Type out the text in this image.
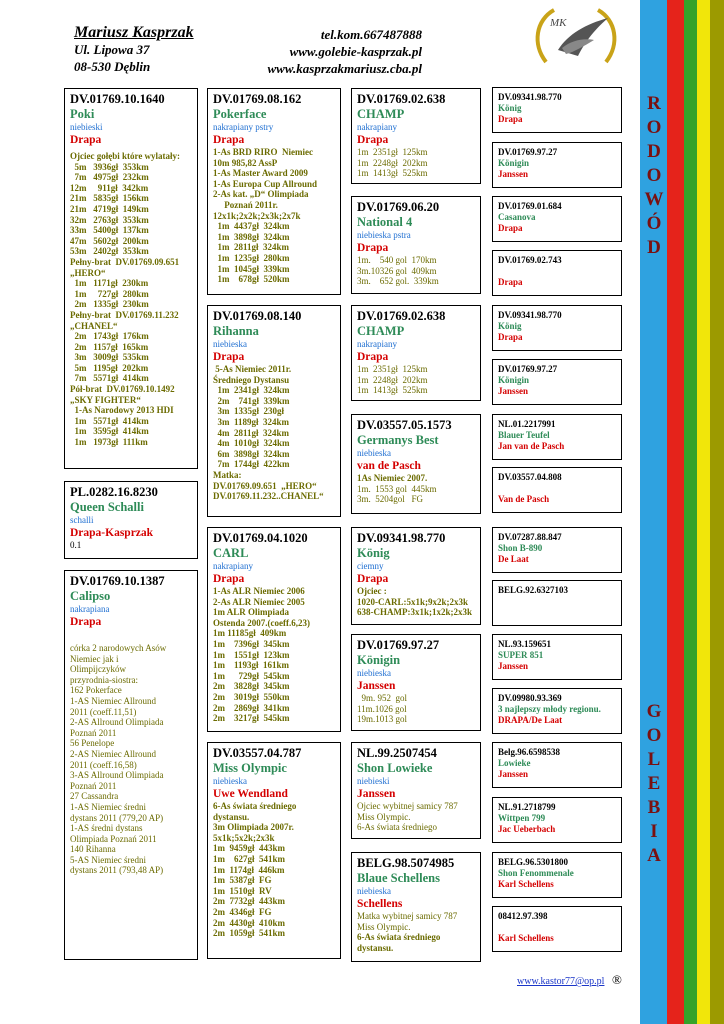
Mariusz Kasprzak
Ul. Lipowa 37
08-530 Dęblin
tel.kom.667487888
www.golebie-kasprzak.pl
www.kasprzakmariusz.cba.pl
MK
DV.01769.10.1640
Poki
niebieski
Drapa
Ojciec gołębi które wylatały:
5m   3936gł  353km
7m   4975gł  232km
12m     911gł  342km
21m   5835gł  156km
21m   4719gł  149km
32m   2763gł  353km
33m   5400gł  137km
47m   5602gł  200km
53m   2402gł  353km
Pełny-brat  DV.01769.09.651
„HERO“
1m   1171gł  230km
1m     727gł  280km
2m   1335gł  230km
Pełny-brat  DV.01769.11.232
„CHANEL“
2m   1743gł  176km
2m   1157gł  165km
3m   3009gł  535km
5m   1195gł  202km
7m   5571gł  414km
Pół-brat  DV.01769.10.1492
„SKY FIGHTER“
1-As Narodowy 2013 HDI
1m   5571gł  414km
1m   3595gł  414km
1m   1973gł  111km
PL.0282.16.8230
Queen Schalli
schalli
Drapa-Kasprzak
0.1
DV.01769.10.1387
Calipso
nakrapiana
Drapa
córka 2 narodowych Asów
Niemiec jak i
Olimpijczyków
przyrodnia-siostra:
162 Pokerface
1-AS Niemiec Allround
2011 (coeff.11,51)
2-AS Allround Olimpiada
Poznań 2011
56 Penelope
2-AS Niemiec Allround
2011 (coeff.16,58)
3-AS Allround Olimpiada
Poznań 2011
27 Cassandra
1-AS Niemiec średni
dystans 2011 (779,20 AP)
1-AS średni dystans
Olimpiada Poznań 2011
140 Rihanna
5-AS Niemiec średni
dystans 2011 (793,48 AP)
DV.01769.08.162
Pokerface
nakrapiany pstry
Drapa
1-As BRD RIRO  Niemiec
10m 985,82 AssP
1-As Master Award 2009
1-As Europa Cup Allround
2-As kat. „D“ Olimpiada
Poznań 2011r.
12x1k;2x2k;2x3k;2x7k
1m  4437gł  324km
1m  3898gł  324km
1m  2811gł  324km
1m  1235gł  280km
1m  1045gł  339km
1m    678gł  520km
DV.01769.08.140
Rihanna
niebieska
Drapa
5-As Niemiec 2011r.
Średniego Dystansu
1m  2341gł  324km
2m    741gł  339km
3m  1335gł  230gł
3m  1189gł  324km
4m  2811gł  324km
4m  1010gł  324km
6m  3898gł  324km
7m  1744gł  422km
Matka:
DV.01769.09.651  „HERO“
DV.01769.11.232..CHANEL“
DV.01769.04.1020
CARL
nakrapiany
Drapa
1-As ALR Niemiec 2006
2-As ALR Niemiec 2005
1m ALR Olimpiada
Ostenda 2007.(coeff.6,23)
1m 11185gł  409km
1m    7396gł  345km
1m    1551gł  123km
1m    1193gł  161km
1m      729gł  545km
2m    3828gł  345km
2m    3019gł  550km
2m    2869gł  341km
2m    3217gł  545km
DV.03557.04.787
Miss Olympic
niebieska
Uwe Wendland
6-As świata średniego
dystansu.
3m Olimpiada 2007r.
5x1k;5x2k;2x3k
1m  9459gł  443km
1m    627gł  541km
1m  1174gł  446km
1m  5387gł  FG
1m  1510gł  RV
2m  7732gł  443km
2m  4346gł  FG
2m  4430gł  410km
2m  1059gł  541km
DV.01769.02.638
CHAMP
nakrapiany
Drapa
1m  2351gł  125km
1m  2248gł  202km
1m  1413gł  525km
DV.01769.06.20
National 4
niebieska pstra
Drapa
1m.    540 gol  170km
3m.10326 gol  409km
3m.    652 gol.  339km
DV.01769.02.638
CHAMP
nakrapiany
Drapa
1m  2351gł  125km
1m  2248gł  202km
1m  1413gł  525km
DV.03557.05.1573
Germanys Best
niebieska
van de Pasch
1As Niemiec 2007.
1m.  1553 gol  445km
3m.  5204gol   FG
DV.09341.98.770
König
ciemny
Drapa
Ojciec :
1020-CARL:5x1k;9x2k;2x3k
638-CHAMP:3x1k;1x2k;2x3k
DV.01769.97.27
Königin
niebieska
Janssen
9m. 952  gol
11m.1026 gol
19m.1013 gol
NL.99.2507454
Shon Lowieke
niebieski
Janssen
Ojciec wybitnej samicy 787
Miss Olympic.
6-As świata średniego
BELG.98.5074985
Blaue Schellens
niebieska
Schellens
Matka wybitnej samicy 787
Miss Olympic.
6-As świata średniego
dystansu.
DV.09341.98.770
König
Drapa
DV.01769.97.27
Königin
Janssen
DV.01769.01.684
Casanova
Drapa
DV.01769.02.743

Drapa
DV.09341.98.770
König
Drapa
DV.01769.97.27
Königin
Janssen
NL.01.2217991
Blauer Teufel
Jan van de Pasch
DV.03557.04.808

Van de Pasch
DV.07287.88.847
Shon B-890
De Laat
BELG.92.6327103

NL.93.159651
SUPER 851
Janssen
DV.09980.93.369
3 najlepszy młody regionu.
DRAPA/De Laat
Belg.96.6598538
Lowieke
Janssen
NL.91.2718799
Wittpen 799
Jac Ueberbach
BELG.96.5301800
Shon Fenommenale
Karl Schellens
08412.97.398

Karl Schellens
R
O
D
O
W
Ó
D
G
O
L
E
B
I
A
www.kastor77@op.pl ®
